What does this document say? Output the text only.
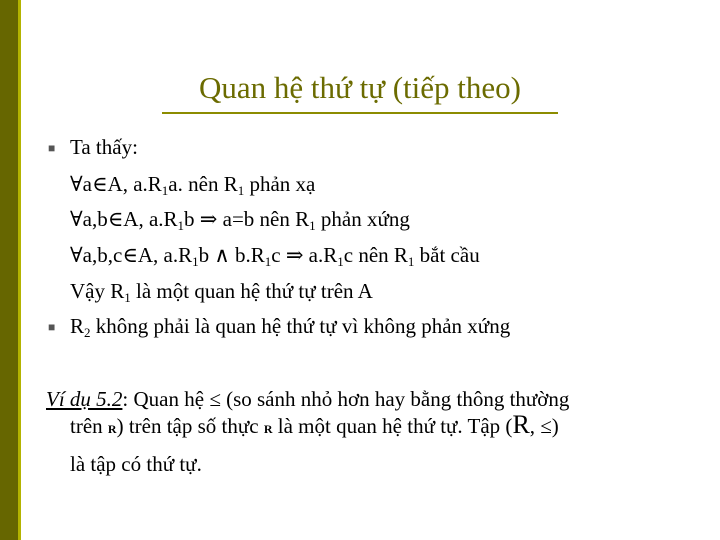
Quan hệ thứ tự (tiếp theo)
■ Ta thấy:
∀a∈A, $a.R_1a$. nên $R_1$ phản xạ
∀a,b∈A, $a.R_1b$ ⇒ a=b nên $R_1$ phản xứng
∀a,b,c∈A, $a.R_1b$ ∧ $b.R_1c$ ⇒ $a.R_1c$ nên $R_1$ bắt cầu
Vậy $R_1$ là một quan hệ thứ tự trên A
■ $R_2$ không phải là quan hệ thứ tự vì không phản xứng
Ví dụ 5.2: Quan hệ ≤ (so sánh nhỏ hơn hay bằng thông thường
trên R) trên tập số thực R là một quan hệ thứ tự. Tập (R, ≤)
là tập có thứ tự.
